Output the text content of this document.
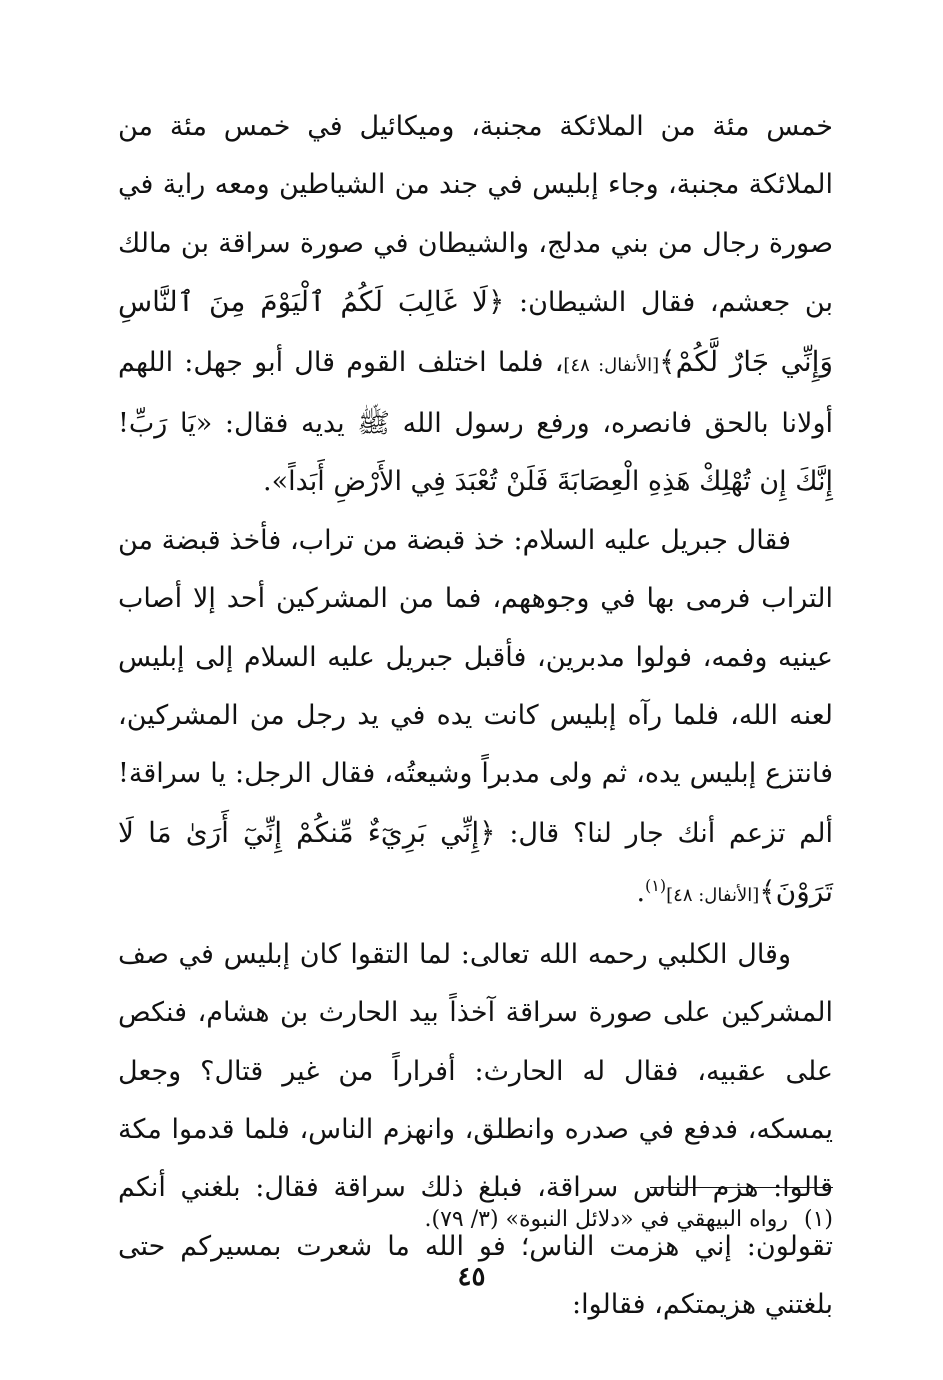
خمس مئة من الملائكة مجنبة، وميكائيل في خمس مئة من الملائكة مجنبة، وجاء إبليس في جند من الشياطين ومعه راية في صورة رجال من بني مدلج، والشيطان في صورة سراقة بن مالك بن جعشم، فقال الشيطان: ﴿لَا غَالِبَ لَكُمُ ٱلْيَوْمَ مِنَ ٱلنَّاسِ وَإِنِّي جَارٌ لَّكُمْ﴾[الأنفال: ٤٨]، فلما اختلف القوم قال أبو جهل: اللهم أولانا بالحق فانصره، ورفع رسول الله ﷺ يديه فقال: «يَا رَبِّ! إِنَّكَ إِن تُهْلِكْ هَذِهِ الْعِصَابَةَ فَلَنْ تُعْبَدَ فِي الأَرْضِ أَبَداً».

فقال جبريل عليه السلام: خذ قبضة من تراب، فأخذ قبضة من التراب فرمى بها في وجوههم، فما من المشركين أحد إلا أصاب عينيه وفمه، فولوا مدبرين، فأقبل جبريل عليه السلام إلى إبليس لعنه الله، فلما رآه إبليس كانت يده في يد رجل من المشركين، فانتزع إبليس يده، ثم ولى مدبراً وشيعتُه، فقال الرجل: يا سراقة! ألم تزعم أنك جار لنا؟ قال: ﴿إِنِّي بَرِيٓءٌ مِّنكُمْ إِنِّيٓ أَرَىٰ مَا لَا تَرَوْنَ﴾[الأنفال: ٤٨]$^{(١)}$.

وقال الكلبي رحمه الله تعالى: لما التقوا كان إبليس في صف المشركين على صورة سراقة آخذاً بيد الحارث بن هشام، فنكص على عقبيه، فقال له الحارث: أفراراً من غير قتال؟ وجعل يمسكه، فدفع في صدره وانطلق، وانهزم الناس، فلما قدموا مكة قالوا: هزم الناس سراقة، فبلغ ذلك سراقة فقال: بلغني أنكم تقولون: إني هزمت الناس؛ فو الله ما شعرت بمسيركم حتى بلغتني هزيمتكم، فقالوا:

(١)رواه البيهقي في «دلائل النبوة» (٣/ ٧٩).

٤٥
